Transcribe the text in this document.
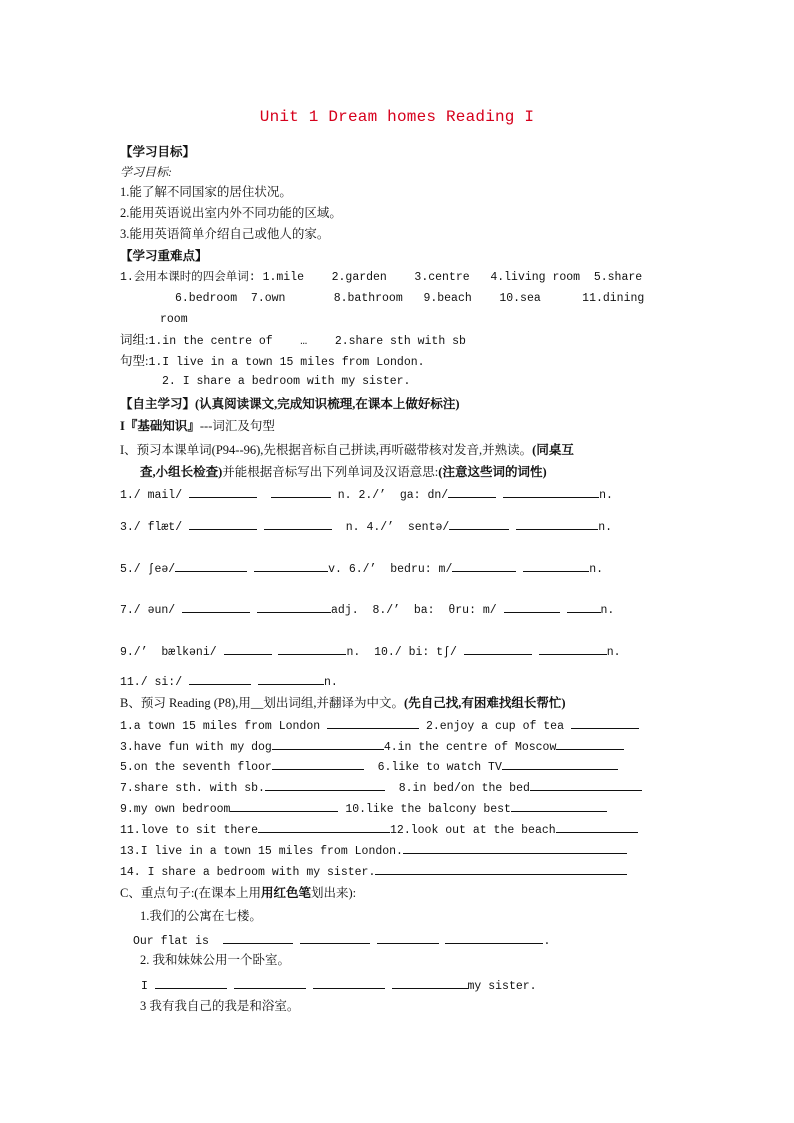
Unit 1 Dream homes Reading I
【学习目标】
学习目标:
1.能了解不同国家的居住状况。
2.能用英语说出室内外不同功能的区域。
3.能用英语简单介绍自己或他人的家。
【学习重难点】
1.会用本课时的四会单词: 1.mile    2.garden    3.centre   4.living room  5.share
6.bedroom  7.own       8.bathroom   9.beach    10.sea      11.dining
room
词组:1.in the centre of    …    2.share sth with sb
句型:1.I live in a town 15 miles from London.
2. I share a bedroom with my sister.
【自主学习】(认真阅读课文,完成知识梳理,在课本上做好标注)
I『基础知识』---词汇及句型
I、预习本课单词(P94--96),先根据音标自己拼读,再听磁带核对发音,并熟读。(同桌互
查,小组长检查)并能根据音标写出下列单词及汉语意思:(注意这些词的词性)
1./ mail/	n. 2./’  ga: dn/	n.
3./ flæt/	n. 4./’  sentə/	n.
5./ ʃeə/	v. 6./’  bedru: m/	n.
7./ əun/	adj. 8./’  ba:  θru: m/	n.
9./’  bælkəni/	n. 10./ bi: tʃ/	n.
11./ si:/	n.
B、预习 Reading (P8),用__划出词组,并翻译为中文。(先自己找,有困难找组长帮忙)
1.a town 15 miles from London	2.enjoy a cup of tea
3.have fun with my dog	4.in the centre of Moscow
5.on the seventh floor	6.like to watch TV
7.share sth. with sb.	8.in bed/on the bed
9.my own bedroom	10.like the balcony best
11.love to sit there	12.look out at the beach
13.I live in a town 15 miles from London.
14. I share a bedroom with my sister.
C、重点句子:(在课本上用用红色笔划出来):
1.我们的公寓在七楼。
Our flat is	.
2. 我和妹妹公用一个卧室。
I	my sister.
3 我有我自己的我是和浴室。
